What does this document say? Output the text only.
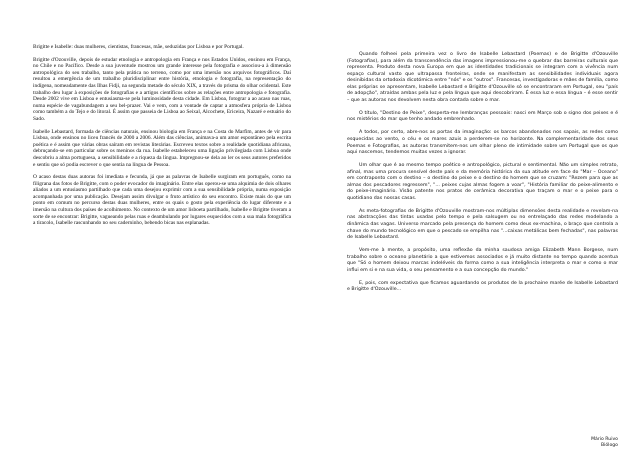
Brigitte e Isabelle: duas mulheres, cientistas, francesas, mãe, seduzidas por Lisboa e por Portugal.

Brigitte d'Ozouville, depois de estudar etnologia e antropologia em França e nos Estados Unidos, ensinou em França, no Chile e no Pacífico. Desde a sua juventude mostrou um grande interesse pela fotografia e associou-a à dimensão antropológica do seu trabalho, tanto pela prática no terreno, como por uma imersão nos arquivos fotográficos. Daí resultou a emergência de um trabalho pluridisciplinar entre história, etnologia e fotografia, na representação do indígena, nomeadamente das Ilhas Fidji, na segunda metade do século XIX, a través do prisma do olhar ocidental. Este trabalho deu lugar à exposições de fotografias e a artigos científicos sobre as relações entre antropologia e fotografia. Desde 2002 vive em Lisboa e entusiasma-se pela luminosidade desta cidade. Em Lisboa, fotograr a ao acaso nas ruas, numa espécie de vagabundagem a seu bel-prazer. Vai e vem, com a vontade de captar a atmosfera própria de Lisboa como também a do Tejo e do litoral. É assim que passeia de Lisboa ao Seixal, Alcochete, Ericeira, Nazaré e estuário do Sado.

Isabelle Lebastard, formada de ciências naturais, ensinou biologia em França e na Costa do Marfim, antes de vir para Lisboa, onde ensinou no liceu francês de 2000 a 2006. Além das ciências, animava-a um amor espontâneo pela escrita poética e é assim que várias obras saíram em revistas literárias. Escreveu textos sobre a realidade quotidiana africana, debruçando-se em particular sobre os meninos da rua. Isabelle estabeleceu uma ligação privilegiada com Lisboa onde descobriu a alma portuguesa, a sensibilidade e a riqueza da língua. Impregnou-se dela ao ler os seus autores preferidos e sentiu que só podia escrever o que sentia na língua de Pessoa.

O acaso destas duas autoras foi imediata e fecunda, já que as palavras de Isabelle surgiram em português, como na filigrana das fotos de Brigitte, com o poder evocador do imaginário. Entre elas operou-se uma alquimia de dois olhares aliados a um entusiasmo partilhado que cada uma desejou exprimir com a sua sensibilidade própria, numa exposição acompanhada por uma publicação. Desejam assim divulgar o fruto artístico do seu encontro. Existe mais do que um ponto em comum no percurso destas duas mulheres, entre os quais o gosto pela experiência do lugar diferente e a imersão na cultura dos países de acolhimento. No contexto de um amor lisboeta partilhado, Isabelle e Brigitte tiveram a sorte de se encontrar: Brigitte, vagueando pelas ruas e deambulando por lugares esquecidos com a sua mala fotográfica a tiracolo, Isabelle rascunhando no seu caderninho, bebendo bicas nas esplanadas.

Quando folheei pela primeira vez o livro de Isabelle Lebastard (Poemas) e de Brigitte d'Ozouville (Fotografias), para além da transcendência das imagens impressionou-me o quebrar das barreiras culturais que representa. Produto desta nova Europa em que as identidades tradicionais se integram com a vivência num espaço cultural vasto que ultrapassa fronteiras, onde se manifestam as sensibilidades individuais agora desinibidas da ortodoxia dicotómica entre "nós" e os "outros". Francesas, investigadoras e mães de família, como elas próprias se apresentam, Isabelle Lebastard e Brigitte d'Ozouville só se encontraram em Portugal, seu "país de adopção", atraídas ambas pela luz e pela língua que aqui descobriram. É essa luz e essa língua – é esse sentir – que as autoras nos devolvem nesta obra contada sobre o mar.

O título, "Destino de Peixe", desperta-me lembranças pessoais: nasci em Março sob o signo dos peixes e é nos mistérios do mar que tenho andado embrenhado.

A todos, por certo, abre-nos as portas da imaginação: os barcos abandonados nos sapais, as redes como esquecidas ao vento, o céu e os mares azuis a perderem-se no horizonte. Na complementaridade dos seus Poemas e Fotografias, as autoras transmitem-nos um olhar pleno de intimidade sobre um Portugal que os que aqui nascemos, tendemos muitas vezes a ignorar.

Um olhar que é ao mesmo tempo poético e antropológico, pictural e sentimental. Não um simples retrato, afinal, mas uma procura sensível deste país e da memória histórica da sua atitude em face do "Mar – Oceano" em contraponto com o destino – o destino do peixe e o destino do homem que se cruzam: "Rezem para que as almas dos pescadores regressem", "... peixes cujas almas fogem a voar", "História familiar do peixe-alimento e do peixe-imaginário. Visão patente nos pratos de cerâmica decorativa que traçam o mar e o peixe para o quotidiano das nossas casas.

As meta-fotografias de Brigitte d'Ozouville mostram-nos múltiplas dimensões desta realidade e revelam-na nas abstracções das tintas usadas pelo tempo e pela salsugem ou no entrelaçado das redes modelando a dinâmica das vagas. Universo marcado pela presença do homem como deus ex-machina, o braço que controla a chave do mundo tecnológico em que o pescado se empilha nas "...caixas metálicas bem fechadas", nas palavras de Isabelle Lebastard.

Vem-me à mente, a propósito, uma reflexão da minha saudosa amiga Elizabeth Mann Borgese, num trabalho sobre o oceano planetário a que estivemos associados e já muito distante no tempo quando acentua que "Só o homem deixou marcas indeléveis da forma como a sua inteligência interpreta o mar e como o mar influi em si e na sua vida, o seu pensamento e a sua concepção do mundo."

E, pois, com expectativa que ficamos aguardando os produtos de la prochaine marée de Isabelle Lebastard e Brigitte d'Ozouville...

Mário Ruivo
Biólogo
